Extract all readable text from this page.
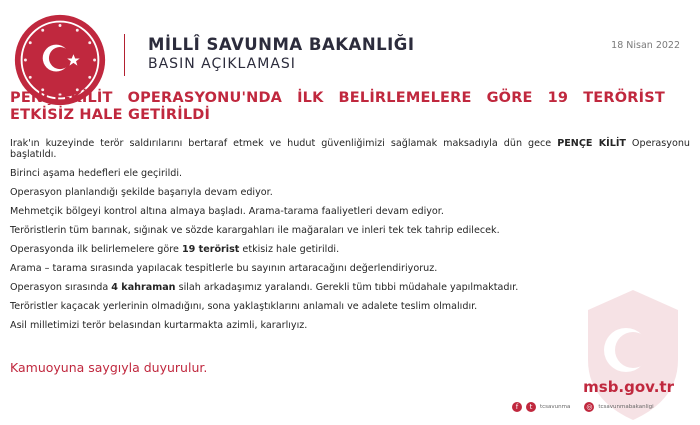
MİLLÎ SAVUNMA BAKANLIĞI
BASIN AÇIKLAMASI
18 Nisan 2022
PENÇE-KİLİT OPERASYONU'NDA İLK BELİRLEMELERE GÖRE 19 TERÖRİST ETKİSİZ HALE GETİRİLDİ

Irak'ın kuzeyinde terör saldırılarını bertaraf etmek ve hudut güvenliğimizi sağlamak maksadıyla dün gece PENÇE KİLİT Operasyonu başlatıldı.

Birinci aşama hedefleri ele geçirildi.

Operasyon planlandığı şekilde başarıyla devam ediyor.

Mehmetçik bölgeyi kontrol altına almaya başladı. Arama-tarama faaliyetleri devam ediyor.

Teröristlerin tüm barınak, sığınak ve sözde karargahları ile mağaraları ve inleri tek tek tahrip edilecek.

Operasyonda ilk belirlemelere göre 19 terörist etkisiz hale getirildi.

Arama – tarama sırasında yapılacak tespitlerle bu sayının artaracağını değerlendiriyoruz.

Operasyon sırasında 4 kahraman silah arkadaşımız yaralandı. Gerekli tüm tıbbi müdahale yapılmaktadır.

Teröristler kaçacak yerlerinin olmadığını, sona yaklaştıklarını anlamalı ve adalete teslim olmalıdır.

Asil milletimizi terör belasından kurtarmakta azimli, kararlıyız.

Kamuoyuna saygıyla duyurulur.
msb.gov.tr
f	t	tcsavunma ◎	tcsavunmabakanligi
